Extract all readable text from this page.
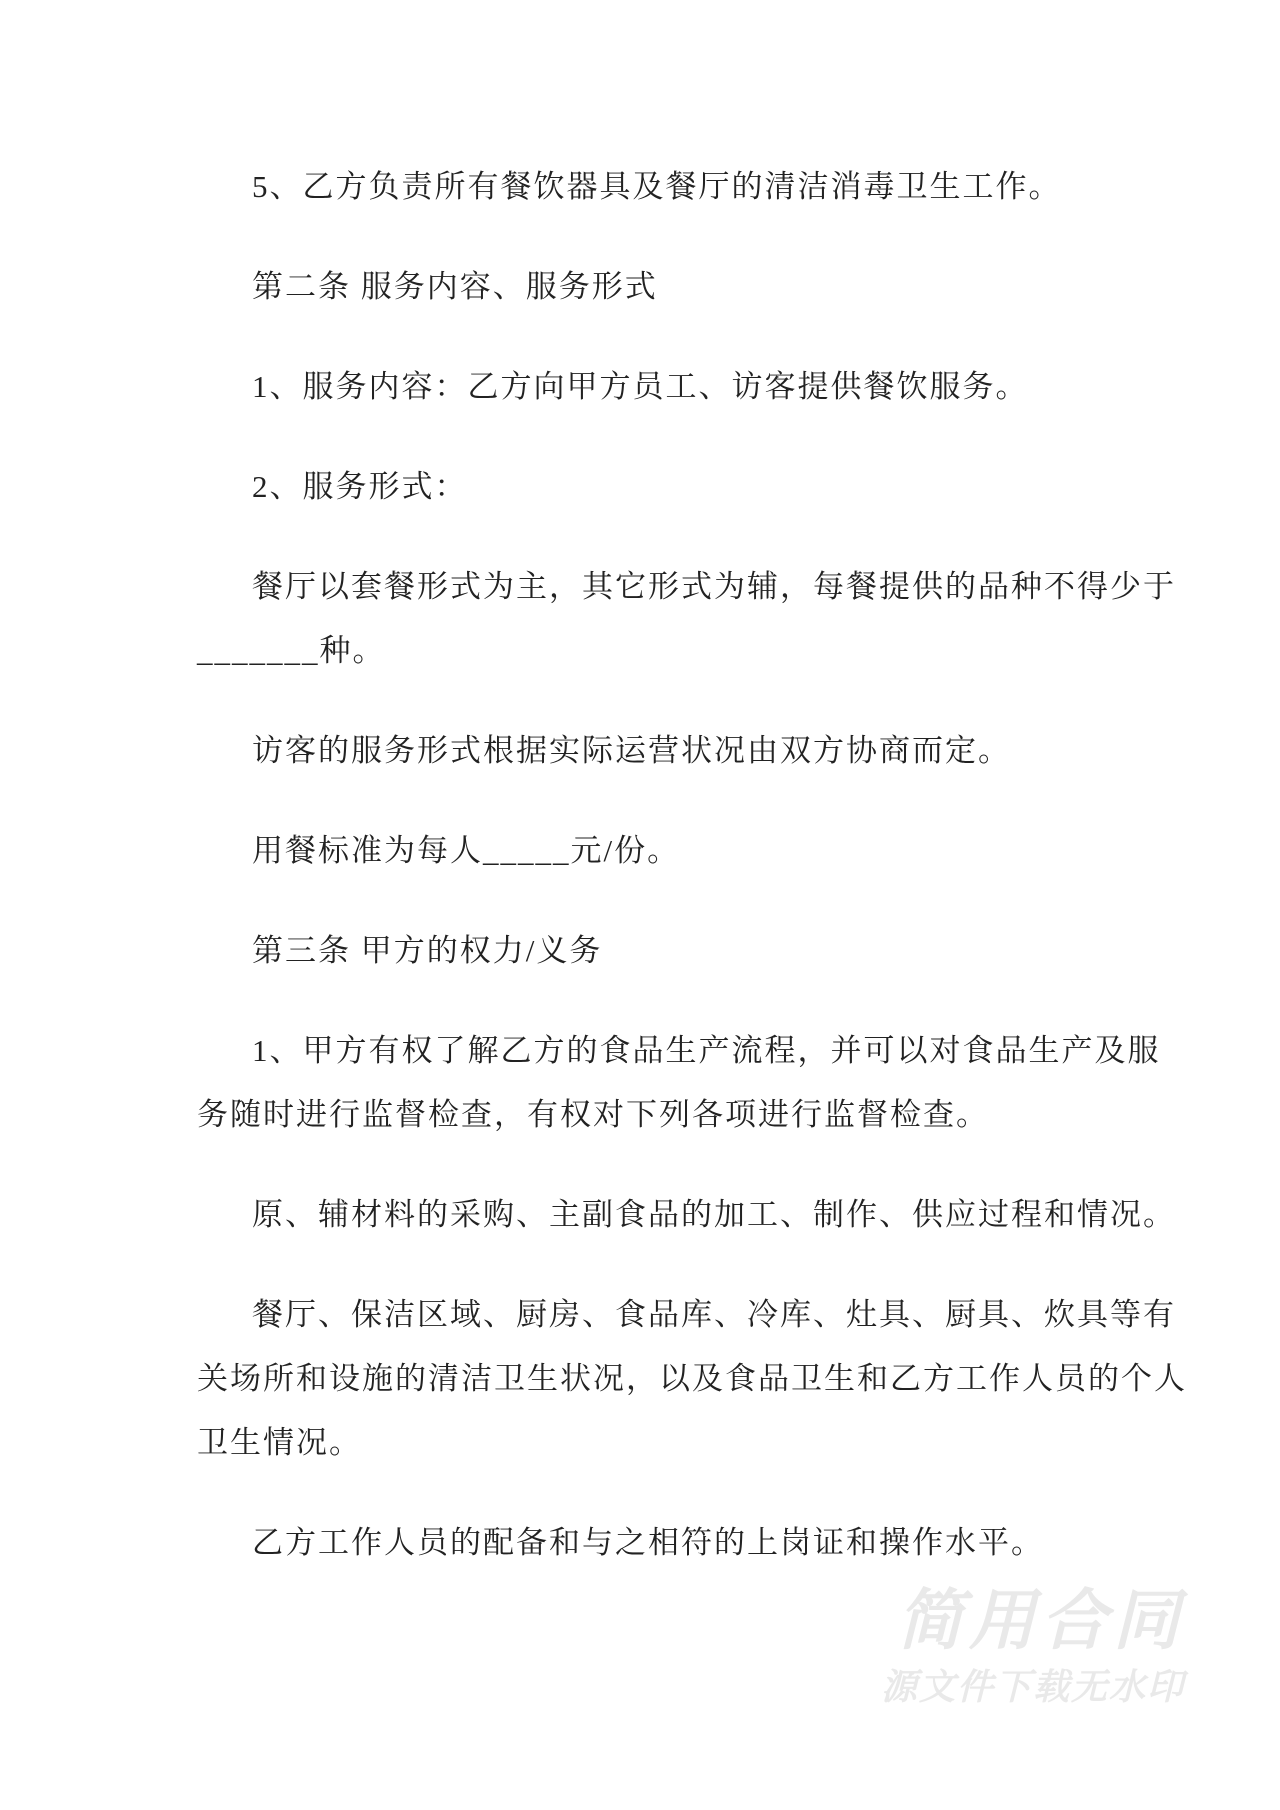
5、乙方负责所有餐饮器具及餐厅的清洁消毒卫生工作。
第二条 服务内容、服务形式
1、服务内容：乙方向甲方员工、访客提供餐饮服务。
2、服务形式：
餐厅以套餐形式为主，其它形式为辅，每餐提供的品种不得少于
_______种。
访客的服务形式根据实际运营状况由双方协商而定。
用餐标准为每人_____元/份。
第三条 甲方的权力/义务
1、甲方有权了解乙方的食品生产流程，并可以对食品生产及服
务随时进行监督检查，有权对下列各项进行监督检查。
原、辅材料的采购、主副食品的加工、制作、供应过程和情况。
餐厅、保洁区域、厨房、食品库、冷库、灶具、厨具、炊具等有
关场所和设施的清洁卫生状况，以及食品卫生和乙方工作人员的个人
卫生情况。
乙方工作人员的配备和与之相符的上岗证和操作水平。
简用合同
源文件下载无水印
